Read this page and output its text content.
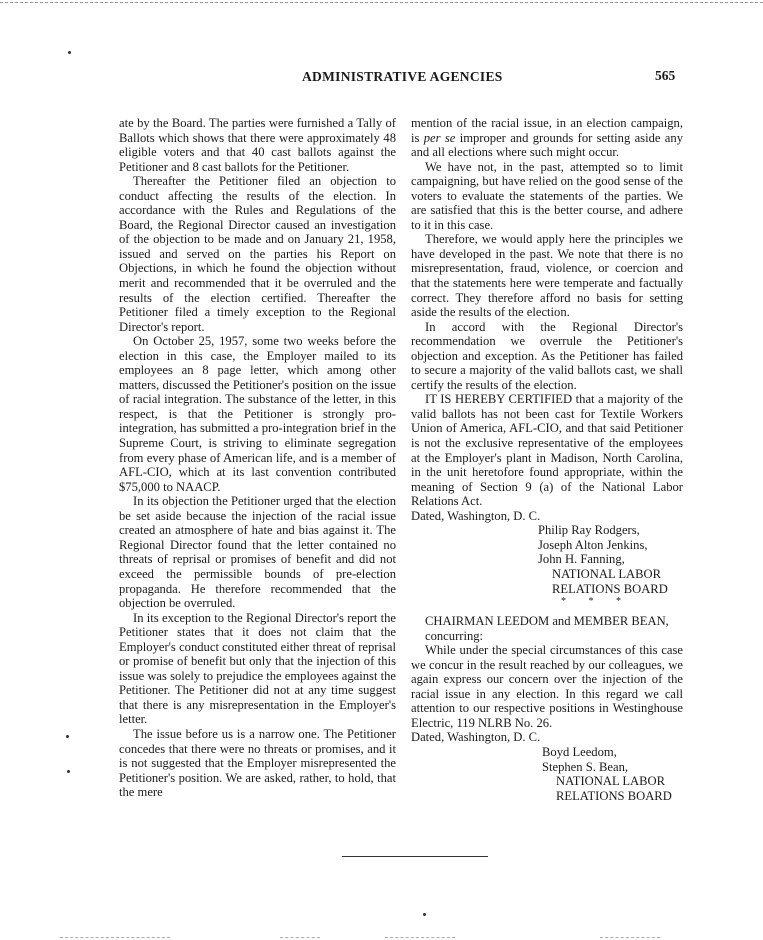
ADMINISTRATIVE AGENCIES	565

ate by the Board. The parties were furnished a Tally of Ballots which shows that there were approximately 48 eligible voters and that 40 cast ballots against the Petitioner and 8 cast ballots for the Petitioner.

Thereafter the Petitioner filed an objection to conduct affecting the results of the election. In accordance with the Rules and Regulations of the Board, the Regional Director caused an investigation of the objection to be made and on January 21, 1958, issued and served on the parties his Report on Objections, in which he found the objection without merit and recommended that it be overruled and the results of the election certified. Thereafter the Petitioner filed a timely exception to the Regional Director's report.

On October 25, 1957, some two weeks before the election in this case, the Employer mailed to its employees an 8 page letter, which among other matters, discussed the Petitioner's position on the issue of racial integration. The substance of the letter, in this respect, is that the Petitioner is strongly pro-integration, has submitted a pro-integration brief in the Supreme Court, is striving to eliminate segregation from every phase of American life, and is a member of AFL-CIO, which at its last convention contributed $75,000 to NAACP.

In its objection the Petitioner urged that the election be set aside because the injection of the racial issue created an atmosphere of hate and bias against it. The Regional Director found that the letter contained no threats of reprisal or promises of benefit and did not exceed the permissible bounds of pre-election propaganda. He therefore recommended that the objection be overruled.

In its exception to the Regional Director's report the Petitioner states that it does not claim that the Employer's conduct constituted either threat of reprisal or promise of benefit but only that the injection of this issue was solely to prejudice the employees against the Petitioner. The Petitioner did not at any time suggest that there is any misrepresentation in the Employer's letter.

The issue before us is a narrow one. The Petitioner concedes that there were no threats or promises, and it is not suggested that the Employer misrepresented the Petitioner's position. We are asked, rather, to hold, that the mere

mention of the racial issue, in an election campaign, is per se improper and grounds for setting aside any and all elections where such might occur.

We have not, in the past, attempted so to limit campaigning, but have relied on the good sense of the voters to evaluate the statements of the parties. We are satisfied that this is the better course, and adhere to it in this case.

Therefore, we would apply here the principles we have developed in the past. We note that there is no misrepresentation, fraud, violence, or coercion and that the statements here were temperate and factually correct. They therefore afford no basis for setting aside the results of the election.

In accord with the Regional Director's recommendation we overrule the Petitioner's objection and exception. As the Petitioner has failed to secure a majority of the valid ballots cast, we shall certify the results of the election.

IT IS HEREBY CERTIFIED that a majority of the valid ballots has not been cast for Textile Workers Union of America, AFL-CIO, and that said Petitioner is not the exclusive representative of the employees at the Employer's plant in Madison, North Carolina, in the unit heretofore found appropriate, within the meaning of Section 9 (a) of the National Labor Relations Act.

Dated, Washington, D. C.

Philip Ray Rodgers,
Joseph Alton Jenkins,
John H. Fanning,
NATIONAL LABOR
RELATIONS BOARD
* * *

CHAIRMAN LEEDOM and MEMBER BEAN,

concurring:

While under the special circumstances of this case we concur in the result reached by our colleagues, we again express our concern over the injection of the racial issue in any election. In this regard we call attention to our respective positions in Westinghouse Electric, 119 NLRB No. 26.

Dated, Washington, D. C.

Boyd Leedom,
Stephen S. Bean,
NATIONAL LABOR
RELATIONS BOARD
